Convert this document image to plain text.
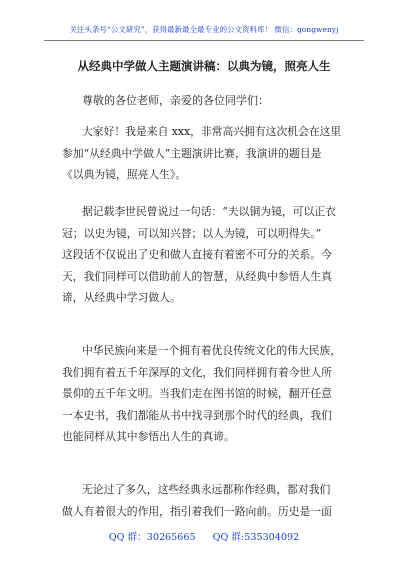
关注头条号“公文研究”，获得最新最全最专业的公文资料库！ 微信：gongwenyj
从经典中学做人主题演讲稿：以典为镜，照亮人生
尊敬的各位老师，亲爱的各位同学们：
大家好！我是来自 xxx，非常高兴拥有这次机会在这里
参加“从经典中学做人”主题演讲比赛，我演讲的题目是
《以典为镜，照亮人生》。
据记载李世民曾说过一句话：“夫以铜为镜，可以正衣
冠；以史为镜，可以知兴替；以人为镜，可以明得失。”
这段话不仅说出了史和做人直接有着密不可分的关系。今
天，我们同样可以借助前人的智慧，从经典中参悟人生真
谛，从经典中学习做人。
中华民族向来是一个拥有着优良传统文化的伟大民族，
我们拥有着五千年深厚的文化，我们同样拥有着今世人所
景仰的五千年文明。当我们走在图书馆的时候，翻开任意
一本史书，我们都能从书中找寻到那个时代的经典，我们
也能同样从其中参悟出人生的真谛。
无论过了多久，这些经典永远都称作经典，都对我们
做人有着很大的作用，指引着我们一路向前。历史是一面
QQ 群：30265665 QQ 群:535304092
